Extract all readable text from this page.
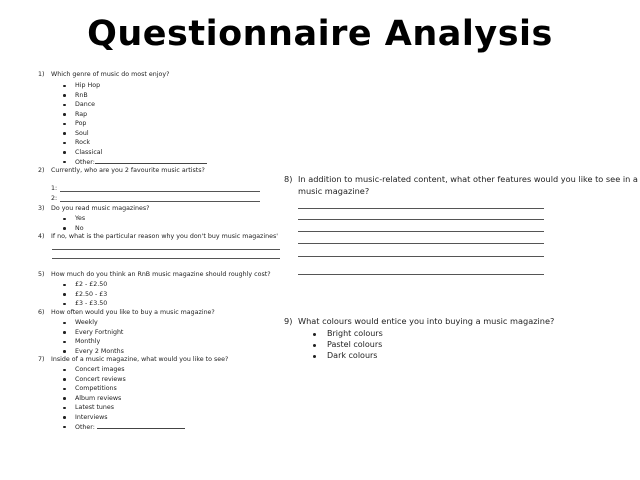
Questionnaire Analysis
1) Which genre of music do most enjoy?
Hip Hop
RnB
Dance
Rap
Pop
Soul
Rock
Classical
Other:
2) Currently, who are you 2 favourite music artists?
1:
2:
3) Do you read music magazines?
Yes
No
4) If no, what is the particular reason why you don't buy music magazines'
5) How much do you think an RnB music magazine should roughly cost?
£2 - £2.50
£2.50 - £3
£3 - £3.50
6) How often would you like to buy a music magazine?
Weekly
Every Fortnight
Monthly
Every 2 Months
7) Inside of a music magazine, what would you like to see?
Concert images
Concert reviews
Competitions
Album reviews
Latest tunes
Interviews
Other:
8) In addition to music-related content, what other features would you like to see in a
music magazine?
9) What colours would entice you into buying a music magazine?
Bright colours
Pastel colours
Dark colours
